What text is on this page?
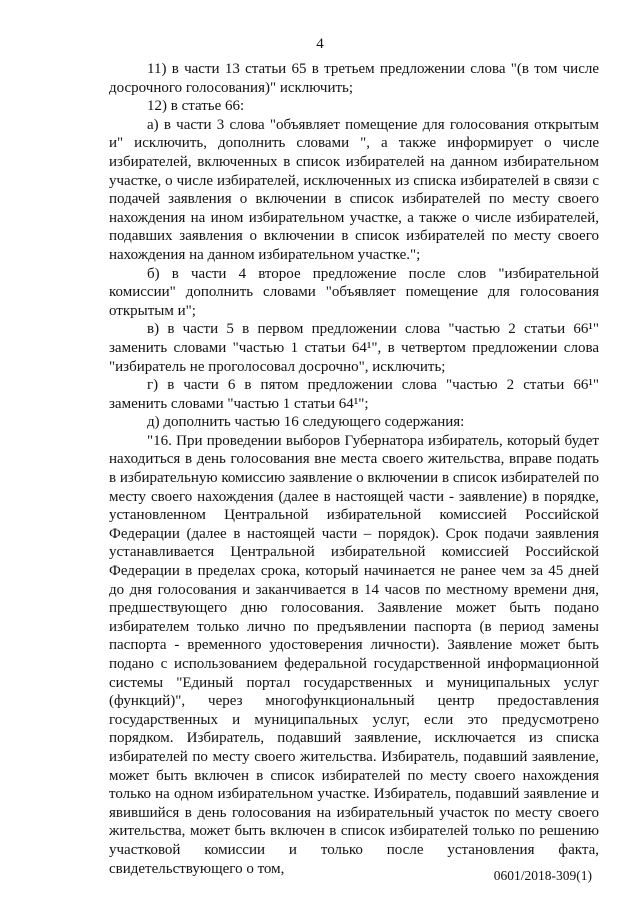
4

11) в части 13 статьи 65 в третьем предложении слова "(в том числе досрочного голосования)" исключить;

12) в статье 66:

а) в части 3 слова "объявляет помещение для голосования открытым и" исключить, дополнить словами ", а также информирует о числе избирателей, включенных в список избирателей на данном избирательном участке, о числе избирателей, исключенных из списка избирателей в связи с подачей заявления о включении в список избирателей по месту своего нахождения на ином избирательном участке, а также о числе избирателей, подавших заявления о включении в список избирателей по месту своего нахождения на данном избирательном участке.";

б) в части 4 второе предложение после слов "избирательной комиссии" дополнить словами "объявляет помещение для голосования открытым и";

в) в части 5 в первом предложении слова "частью 2 статьи 66¹" заменить словами "частью 1 статьи 64¹", в четвертом предложении слова "избиратель не проголосовал досрочно", исключить;

г) в части 6 в пятом предложении слова "частью 2 статьи 66¹" заменить словами "частью 1 статьи 64¹";

д) дополнить частью 16 следующего содержания:

"16. При проведении выборов Губернатора избиратель, который будет находиться в день голосования вне места своего жительства, вправе подать в избирательную комиссию заявление о включении в список избирателей по месту своего нахождения (далее в настоящей части - заявление) в порядке, установленном Центральной избирательной комиссией Российской Федерации (далее в настоящей части – порядок). Срок подачи заявления устанавливается Центральной избирательной комиссией Российской Федерации в пределах срока, который начинается не ранее чем за 45 дней до дня голосования и заканчивается в 14 часов по местному времени дня, предшествующего дню голосования. Заявление может быть подано избирателем только лично по предъявлении паспорта (в период замены паспорта - временного удостоверения личности). Заявление может быть подано с использованием федеральной государственной информационной системы "Единый портал государственных и муниципальных услуг (функций)", через многофункциональный центр предоставления государственных и муниципальных услуг, если это предусмотрено порядком. Избиратель, подавший заявление, исключается из списка избирателей по месту своего жительства. Избиратель, подавший заявление, может быть включен в список избирателей по месту своего нахождения только на одном избирательном участке. Избиратель, подавший заявление и явившийся в день голосования на избирательный участок по месту своего жительства, может быть включен в список избирателей только по решению участковой комиссии и только после установления факта, свидетельствующего о том,	0601/2018-309(1)
